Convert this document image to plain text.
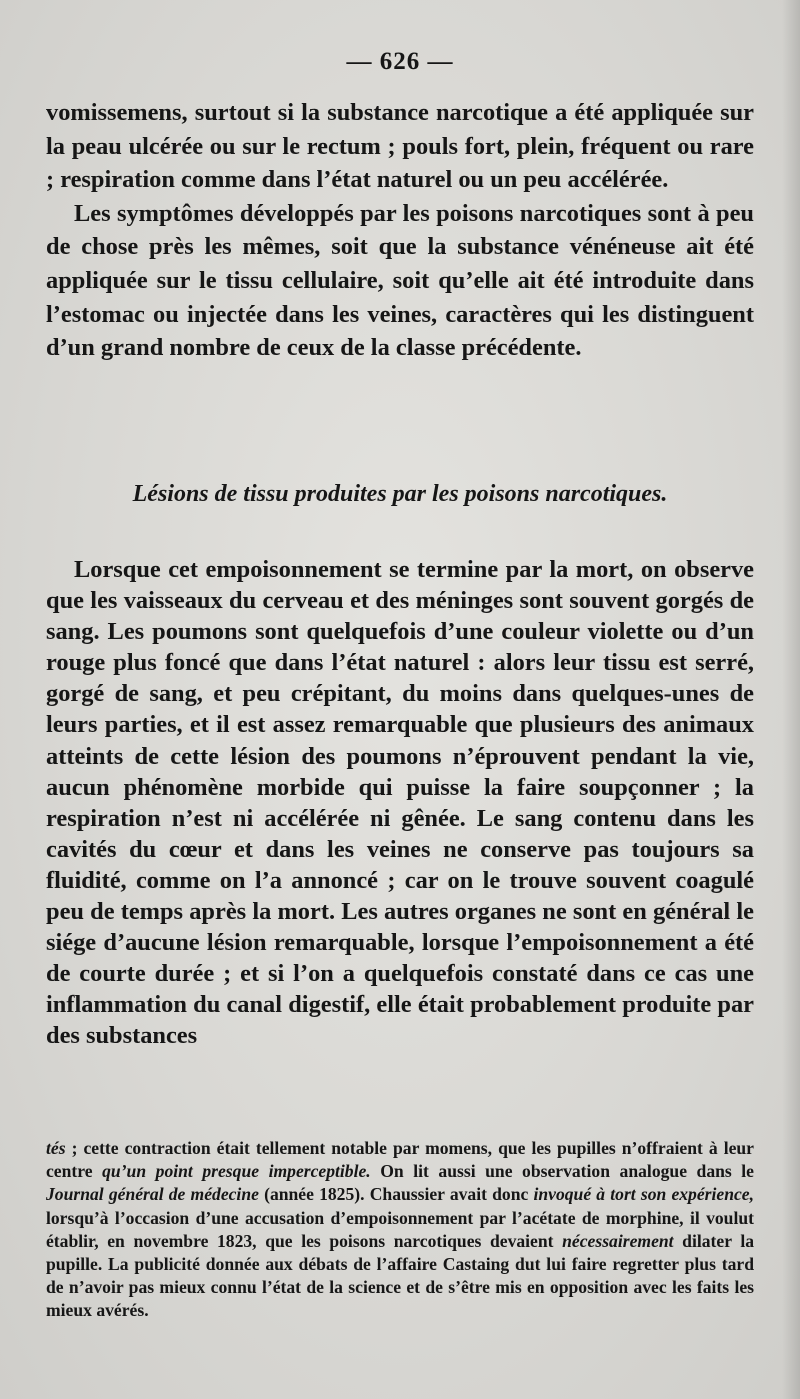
— 626 —

vomissemens, surtout si la substance narcotique a été appliquée sur la peau ulcérée ou sur le rectum ; pouls fort, plein, fréquent ou rare ; respiration comme dans l’état naturel ou un peu accélérée.

Les symptômes développés par les poisons narcotiques sont à peu de chose près les mêmes, soit que la substance vénéneuse ait été appliquée sur le tissu cellulaire, soit qu’elle ait été introduite dans l’estomac ou injectée dans les veines, caractères qui les distinguent d’un grand nombre de ceux de la classe précédente.

Lésions de tissu produites par les poisons narcotiques.

Lorsque cet empoisonnement se termine par la mort, on observe que les vaisseaux du cerveau et des méninges sont souvent gorgés de sang. Les poumons sont quelquefois d’une couleur violette ou d’un rouge plus foncé que dans l’état naturel : alors leur tissu est serré, gorgé de sang, et peu crépitant, du moins dans quelques-unes de leurs parties, et il est assez remarquable que plusieurs des animaux atteints de cette lésion des poumons n’éprouvent pendant la vie, aucun phénomène morbide qui puisse la faire soupçonner ; la respiration n’est ni accélérée ni gênée. Le sang contenu dans les cavités du cœur et dans les veines ne conserve pas toujours sa fluidité, comme on l’a annoncé ; car on le trouve souvent coagulé peu de temps après la mort. Les autres organes ne sont en général le siége d’aucune lésion remarquable, lorsque l’empoisonnement a été de courte durée ; et si l’on a quelquefois constaté dans ce cas une inflammation du canal digestif, elle était probablement produite par des substances

tés ; cette contraction était tellement notable par momens, que les pupilles n’offraient à leur centre qu’un point presque imperceptible. On lit aussi une observation analogue dans le Journal général de médecine (année 1825). Chaussier avait donc invoqué à tort son expérience, lorsqu’à l’occasion d’une accusation d’empoisonnement par l’acétate de morphine, il voulut établir, en novembre 1823, que les poisons narcotiques devaient nécessairement dilater la pupille. La publicité donnée aux débats de l’affaire Castaing dut lui faire regretter plus tard de n’avoir pas mieux connu l’état de la science et de s’être mis en opposition avec les faits les mieux avérés.
